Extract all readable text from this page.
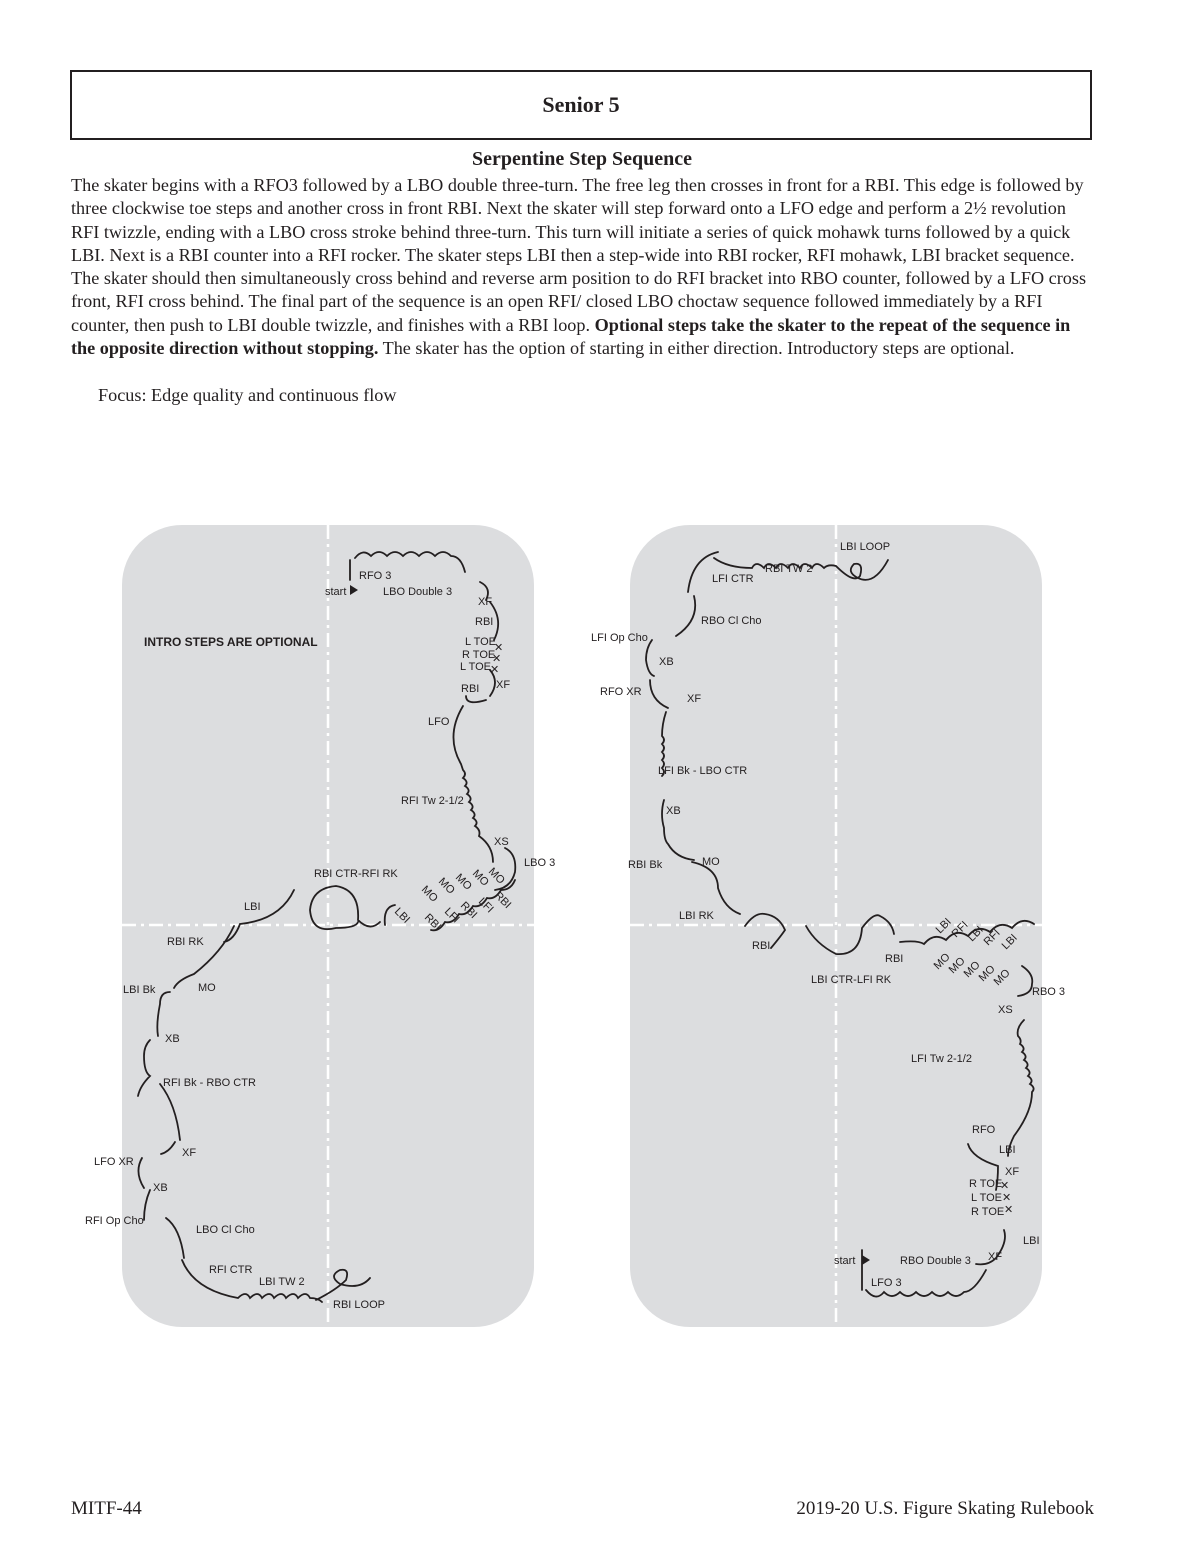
Senior 5
Serpentine Step Sequence

The skater begins with a RFO3 followed by a LBO double three-turn. The free leg then crosses in front for a RBI. This edge is followed by three clockwise toe steps and another cross in front RBI. Next the skater will step forward onto a LFO edge and perform a 2½ revolution RFI twizzle, ending with a LBO cross stroke behind three-turn. This turn will initiate a series of quick mohawk turns followed by a quick LBI. Next is a RBI counter into a RFI rocker. The skater steps LBI then a step-wide into RBI rocker, RFI mohawk, LBI bracket sequence. The skater should then simultaneously cross behind and reverse arm position to do RFI bracket into RBO counter, followed by a LFO cross front, RFI cross behind. The final part of the sequence is an open RFI/ closed LBO choctaw sequence followed immediately by a RFI counter, then push to LBI double twizzle, and finishes with a RBI loop. Optional steps take the skater to the repeat of the sequence in the opposite direction without stopping. The skater has the option of starting in either direction. Introductory steps are optional.

Focus: Edge quality and continuous flow
✕
✕
✕
INTRO STEPS ARE OPTIONAL
RFO 3
start	LBO Double 3
XF
RBI
L TOE
R TOE
L TOE
RBI XF
LFO
RFI Tw 2-1/2
XS
LBO 3
RBI CTR-RFI RK
LBI
MO
MO
MO
MO
MO
LBI RBI
LFI
RBI
LFI
RBI
RBI RK
LBI Bk	MO
XB
RFI Bk - RBO CTR
XF
LFO XR
XB
RFI Op Cho
LBO Cl Cho
RFI CTR
LBI TW 2
RBI LOOP
✕
✕
✕
LBI LOOP
RBI TW 2
LFI CTR
RBO Cl Cho
LFI Op Cho
XB
RFO XR
XF
LFI Bk - LBO CTR
XB
RBI Bk	MO
LBI RK
RBI
LBI CTR-LFI RK
RBI
LBI
RFI
LBI
RFI
LBI
MO
MO
MO
MO
MO
RBO 3
XS
LFI Tw 2-1/2
RFO
LBI
XF
R TOE
L TOE
R TOE
LBI
start	RBO Double 3 XF
LFO 3
MITF-44	2019-20 U.S. Figure Skating Rulebook
